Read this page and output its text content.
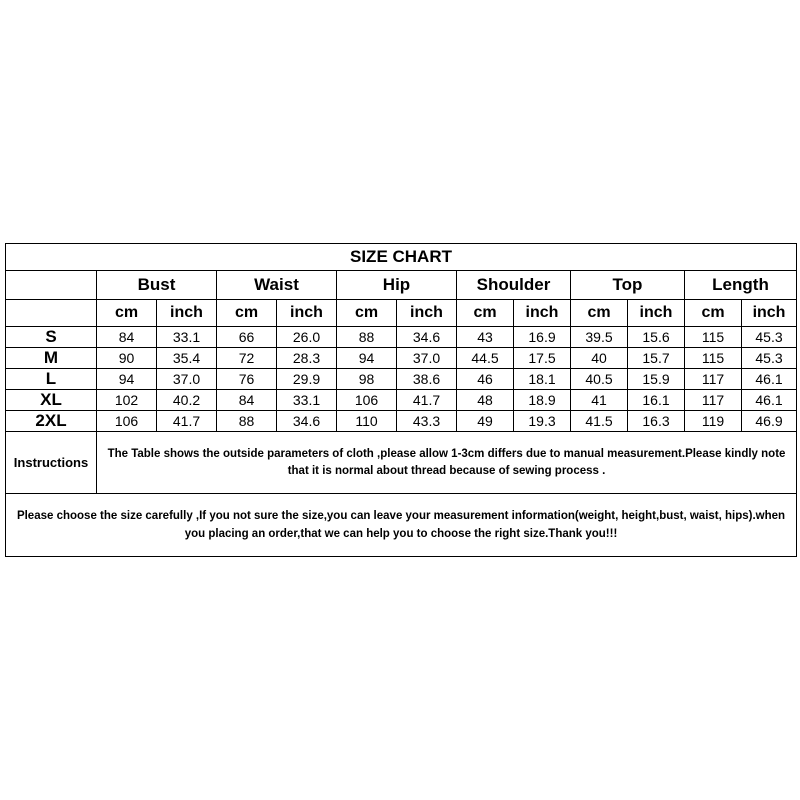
SIZE CHART												
	Bust		Waist		Hip		Shoulder		Top		Length	
	cm	inch	cm	inch	cm	inch	cm	inch	cm	inch	cm	inch
S	84	33.1	66	26.0	88	34.6	43	16.9	39.5	15.6	115	45.3
M	90	35.4	72	28.3	94	37.0	44.5	17.5	40	15.7	115	45.3
L	94	37.0	76	29.9	98	38.6	46	18.1	40.5	15.9	117	46.1
XL	102	40.2	84	33.1	106	41.7	48	18.9	41	16.1	117	46.1
2XL	106	41.7	88	34.6	110	43.3	49	19.3	41.5	16.3	119	46.9
Instructions	The Table shows the outside parameters of cloth ,please allow 1-3cm differs due to manual measurement.Please kindly note that it is normal about thread because of sewing process .											
Please choose the size carefully ,If you not sure the size,you can leave your measurement information(weight, height,bust, waist, hips).when you placing an order,that we can help you to choose the right size.Thank you!!!												
